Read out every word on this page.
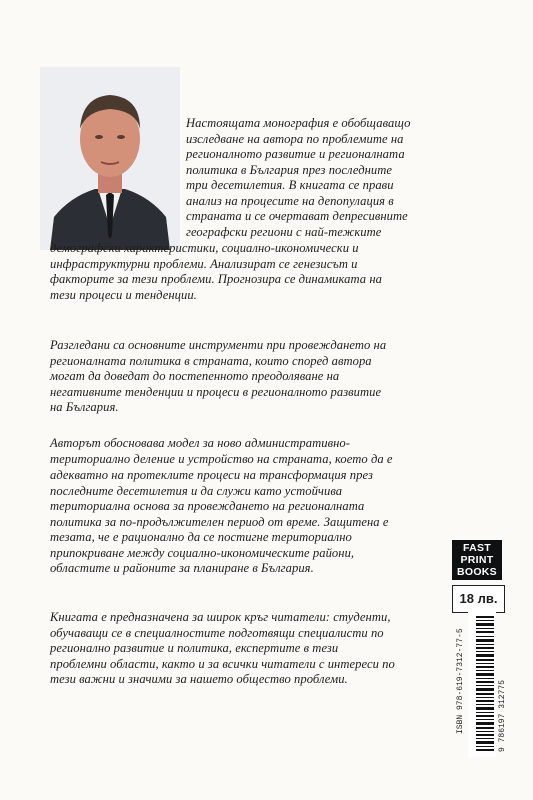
Настоящата монография е обобщаващо
изследване на автора по проблемите на
регионалното развитие и регионалната
политика в България през последните
три десетилетия. В книгата се прави
анализ на процесите на депопулация в
страната и се очертават депресивните
географски региони с най-тежките
демографски характеристики, социално-икономически и
инфраструктурни проблеми. Анализират се генезисът и
факторите за тези проблеми. Прогнозира се динамиката на
тези процеси и тенденции.
Разгледани са основните инструменти при провеждането на
регионалната политика в страната, които според автора
могат да доведат до постепенното преодоляване на
негативните тенденции и процеси в регионалното развитие
на България.
Авторът обосновава модел за ново административно-
териториално деление и устройство на страната, което да е
адекватно на протеклите процеси на трансформация през
последните десетилетия и да служи като устойчива
териториална основа за провеждането на регионалната
политика за по-продължителен период от време. Защитена е
тезата, че е рационално да се постигне териториално
припокриване между социално-икономическите райони,
областите и районите за планиране в България.
Книгата е предназначена за широк кръг читатели: студенти,
обучаващи се в специалностите подготвящи специалисти по
регионално развитие и политика, експертите в тези
проблемни области, както и за всички читатели с интереси по
тези важни и значими за нашето общество проблеми.
FAST
PRINT
BOOKS
18 лв.
ISBN 978-619-7312-77-5	9 786197 312775
